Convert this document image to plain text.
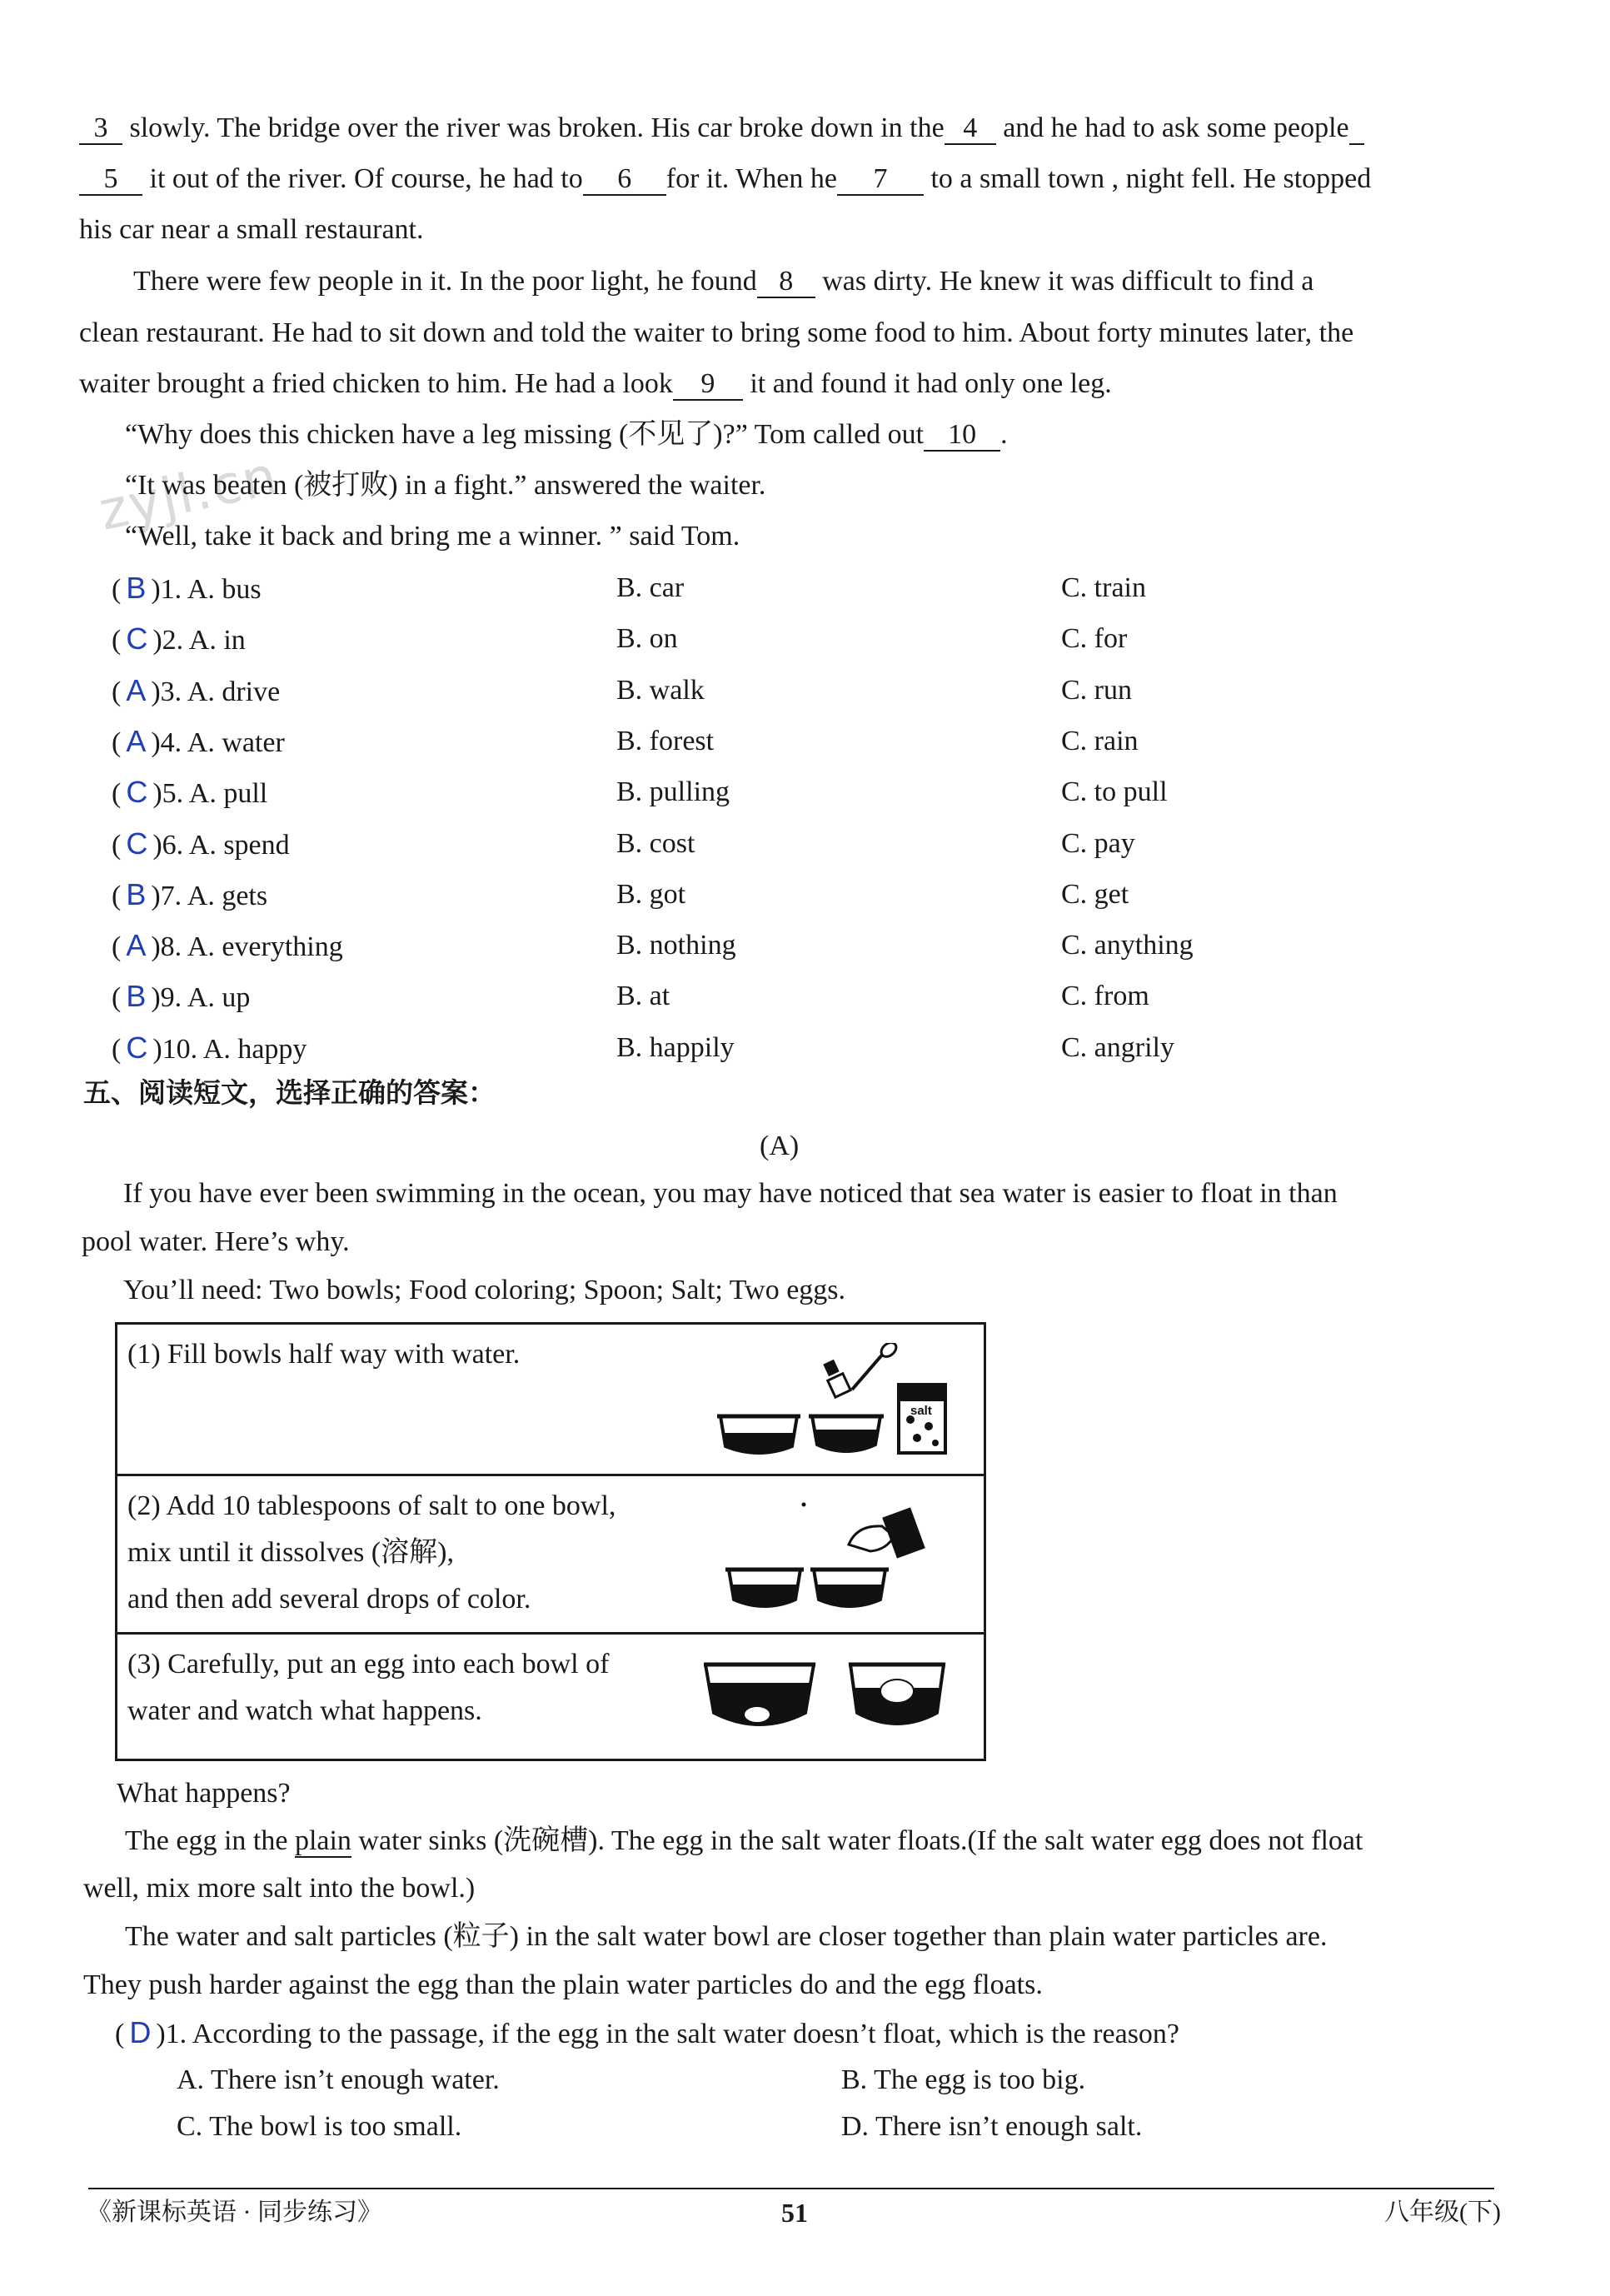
zyjl.cn
3 slowly. The bridge over the river was broken. His car broke down in the 4 and he had to ask some people
5 it out of the river. Of course, he had to 6 for it. When he 7 to a small town , night fell. He stopped
his car near a small restaurant.
There were few people in it. In the poor light, he found 8 was dirty. He knew it was difficult to find a
clean restaurant. He had to sit down and told the waiter to bring some food to him. About forty minutes later, the
waiter brought a fried chicken to him. He had a look 9 it and found it had only one leg.
“Why does this chicken have a leg missing (不见了)?” Tom called out 10 .
“It was beaten (被打败) in a fight.” answered the waiter.
“Well, take it back and bring me a winner. ” said Tom.
( B )1. A. bus	B. car	C. train
( C )2. A. in	B. on	C. for
( A )3. A. drive	B. walk	C. run
( A )4. A. water	B. forest	C. rain
( C )5. A. pull	B. pulling	C. to pull
( C )6. A. spend	B. cost	C. pay
( B )7. A. gets	B. got	C. get
( A )8. A. everything	B. nothing	C. anything
( B )9. A. up	B. at	C. from
( C )10. A. happy	B. happily	C. angrily
五、阅读短文，选择正确的答案：
(A)
If you have ever been swimming in the ocean, you may have noticed that sea water is easier to float in than
pool water. Here’s why.
You’ll need: Two bowls; Food coloring; Spoon; Salt; Two eggs.
(1) Fill bowls half way with water.
salt

(2) Add 10 tablespoons of salt to one bowl,
mix until it dissolves (溶解),
and then add several drops of color.

(3) Carefully, put an egg into each bowl of
water and watch what happens.
What happens?
The egg in the plain water sinks (洗碗槽). The egg in the salt water floats.(If the salt water egg does not float
well, mix more salt into the bowl.)
The water and salt particles (粒子) in the salt water bowl are closer together than plain water particles are.
They push harder against the egg than the plain water particles do and the egg floats.
( D )1. According to the passage, if the egg in the salt water doesn’t float, which is the reason?
A. There isn’t enough water.	B. The egg is too big.
C. The bowl is too small.	D. There isn’t enough salt.
《新课标英语 · 同步练习》	51	八年级(下)
